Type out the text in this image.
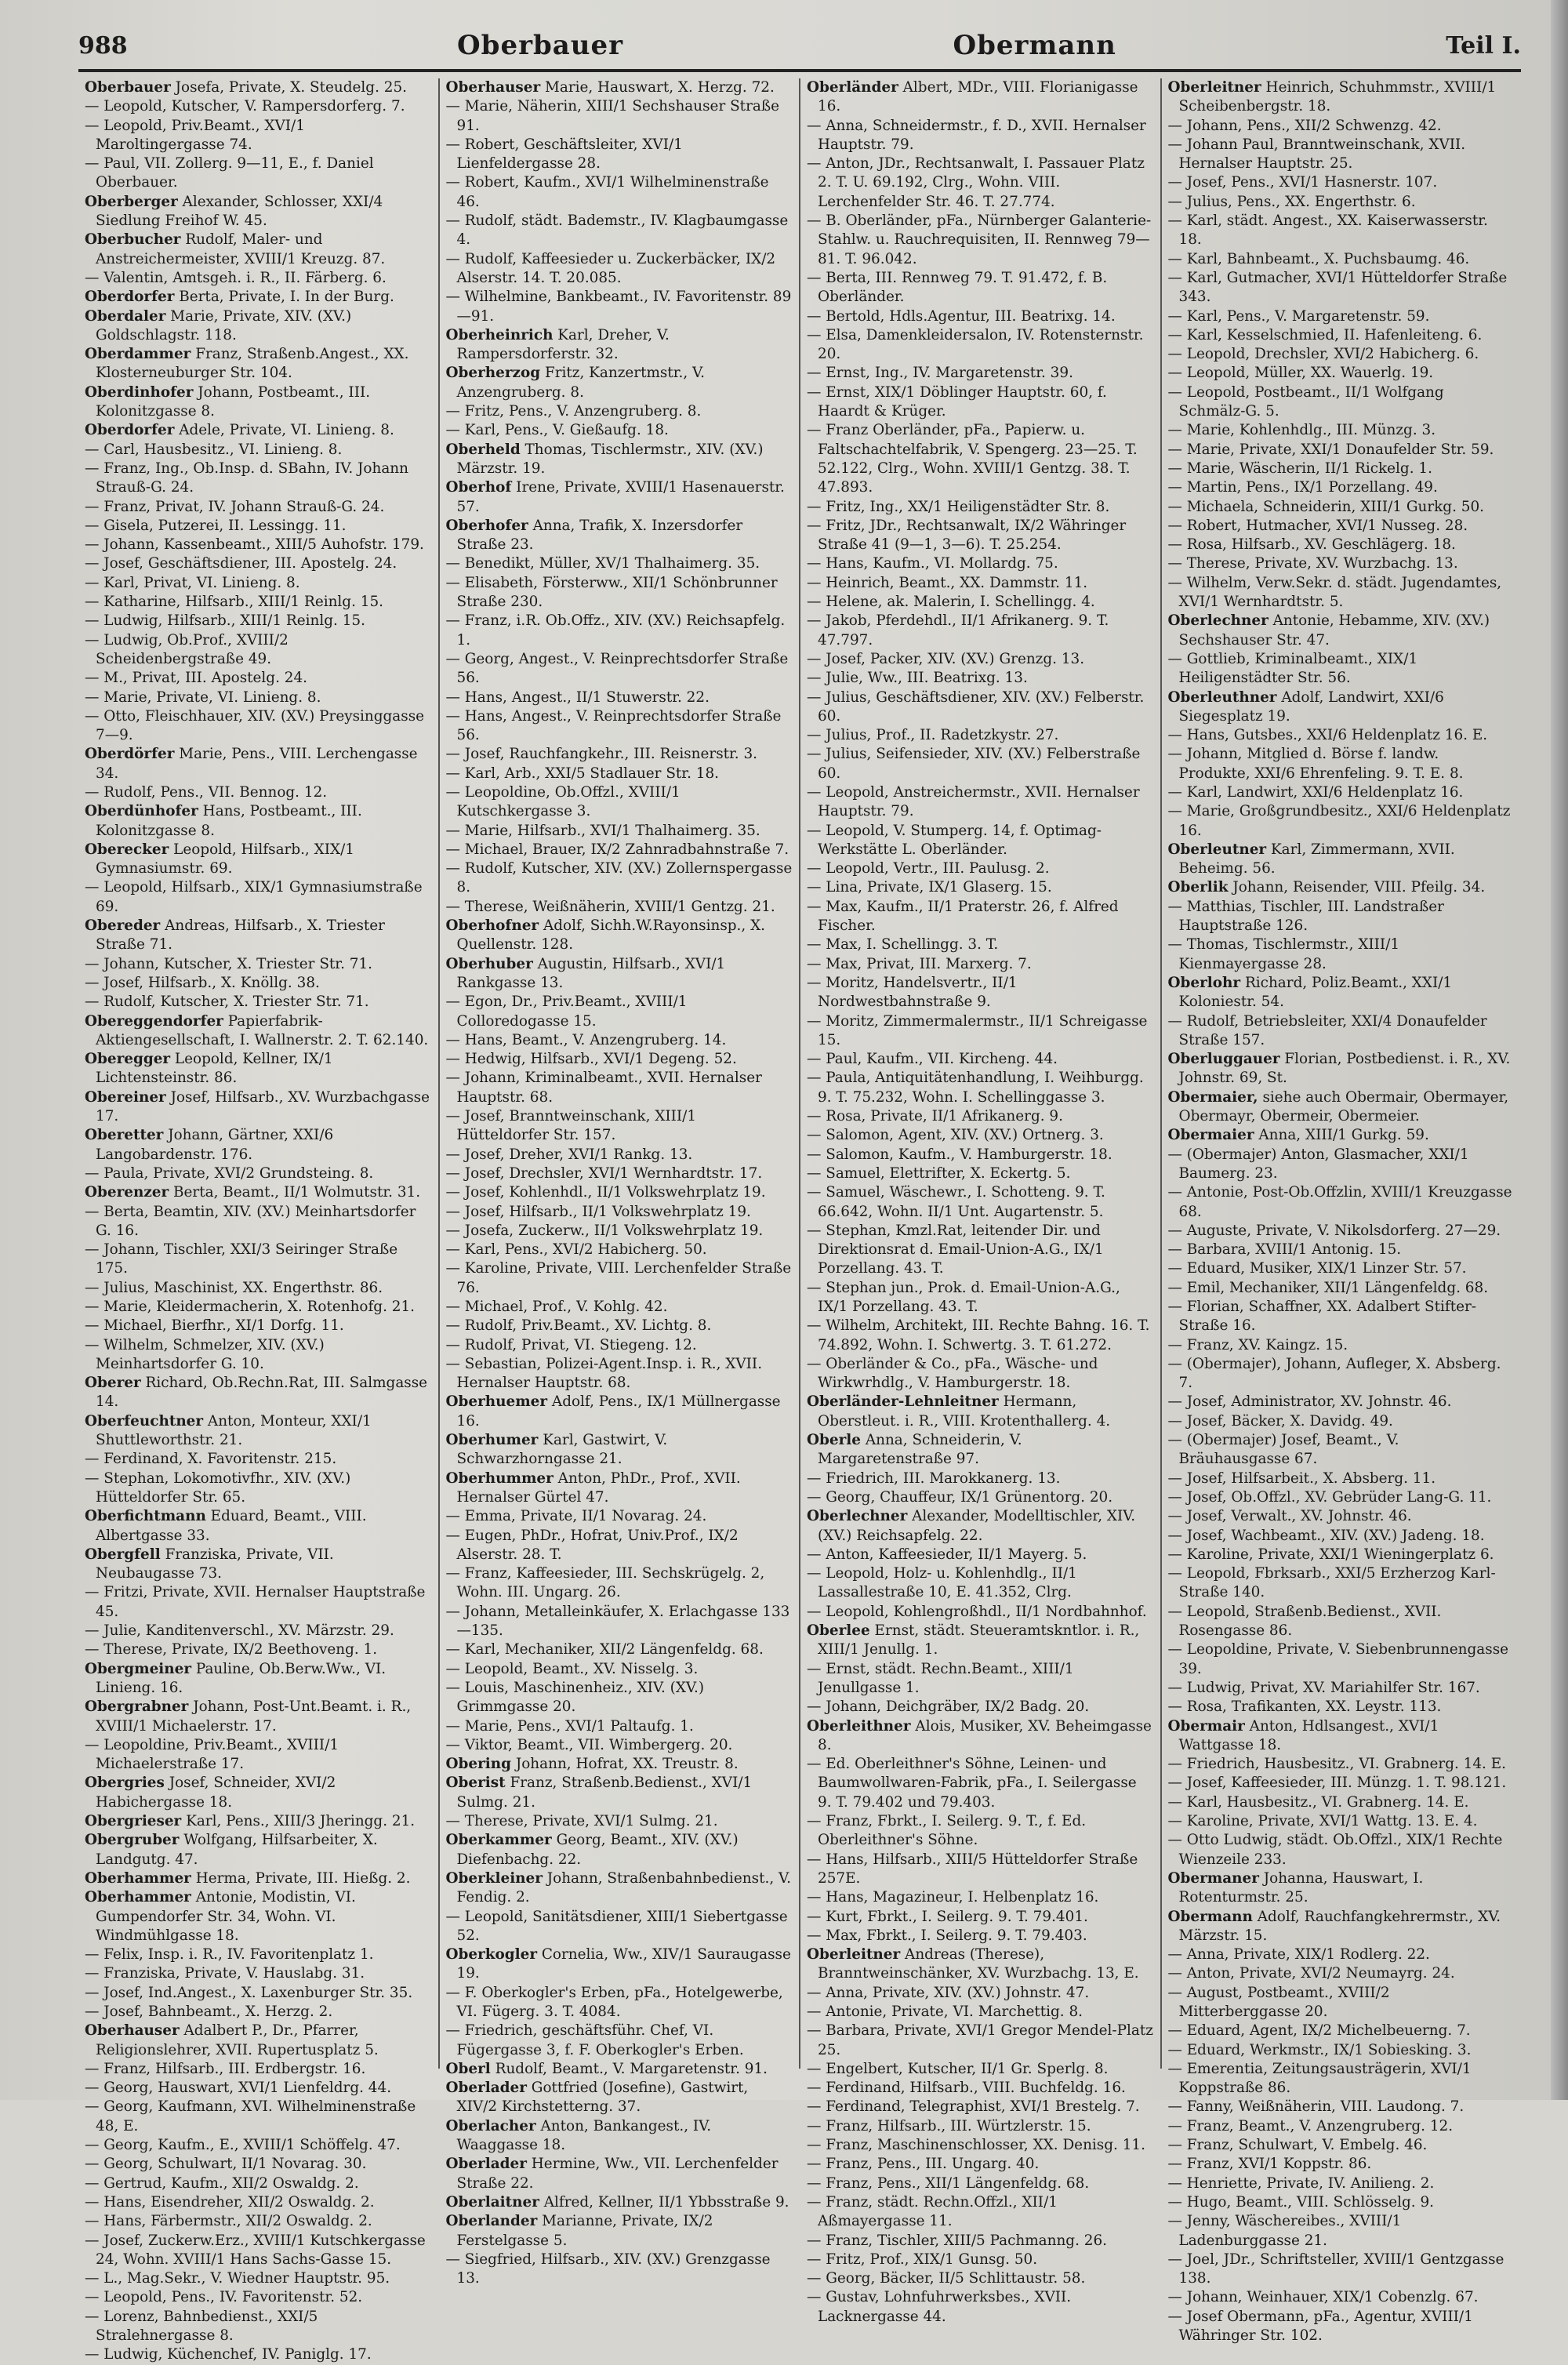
988	Oberbauer	Obermann	Teil I.

Oberbauer Josefa, Private, X. Steudelg. 25.

— Leopold, Kutscher, V. Rampersdorferg. 7.

— Leopold, Priv.Beamt., XVI/1 Maroltingergasse 74.

— Paul, VII. Zollerg. 9—11, E., f. Daniel Oberbauer.

Oberberger Alexander, Schlosser, XXI/4 Siedlung Freihof W. 45.

Oberbucher Rudolf, Maler- und Anstreichermeister, XVIII/1 Kreuzg. 87.

— Valentin, Amtsgeh. i. R., II. Färberg. 6.

Oberdorfer Berta, Private, I. In der Burg.

Oberdaler Marie, Private, XIV. (XV.) Goldschlagstr. 118.

Oberdammer Franz, Straßenb.Angest., XX. Klosterneuburger Str. 104.

Oberdinhofer Johann, Postbeamt., III. Kolonitzgasse 8.

Oberdorfer Adele, Private, VI. Linieng. 8.

— Carl, Hausbesitz., VI. Linieng. 8.

— Franz, Ing., Ob.Insp. d. SBahn, IV. Johann Strauß-G. 24.

— Franz, Privat, IV. Johann Strauß-G. 24.

— Gisela, Putzerei, II. Lessingg. 11.

— Johann, Kassenbeamt., XIII/5 Auhofstr. 179.

— Josef, Geschäftsdiener, III. Apostelg. 24.

— Karl, Privat, VI. Linieng. 8.

— Katharine, Hilfsarb., XIII/1 Reinlg. 15.

— Ludwig, Hilfsarb., XIII/1 Reinlg. 15.

— Ludwig, Ob.Prof., XVIII/2 Scheidenbergstraße 49.

— M., Privat, III. Apostelg. 24.

— Marie, Private, VI. Linieng. 8.

— Otto, Fleischhauer, XIV. (XV.) Preysinggasse 7—9.

Oberdörfer Marie, Pens., VIII. Lerchengasse 34.

— Rudolf, Pens., VII. Bennog. 12.

Oberdünhofer Hans, Postbeamt., III. Kolonitzgasse 8.

Oberecker Leopold, Hilfsarb., XIX/1 Gymnasiumstr. 69.

— Leopold, Hilfsarb., XIX/1 Gymnasiumstraße 69.

Obereder Andreas, Hilfsarb., X. Triester Straße 71.

— Johann, Kutscher, X. Triester Str. 71.

— Josef, Hilfsarb., X. Knöllg. 38.

— Rudolf, Kutscher, X. Triester Str. 71.

Obereggendorfer Papierfabrik-Aktiengesellschaft, I. Wallnerstr. 2. T. 62.140.

Oberegger Leopold, Kellner, IX/1 Lichtensteinstr. 86.

Obereiner Josef, Hilfsarb., XV. Wurzbachgasse 17.

Oberetter Johann, Gärtner, XXI/6 Langobardenstr. 176.

— Paula, Private, XVI/2 Grundsteing. 8.

Oberenzer Berta, Beamt., II/1 Wolmutstr. 31.

— Berta, Beamtin, XIV. (XV.) Meinhartsdorfer G. 16.

— Johann, Tischler, XXI/3 Seiringer Straße 175.

— Julius, Maschinist, XX. Engerthstr. 86.

— Marie, Kleidermacherin, X. Rotenhofg. 21.

— Michael, Bierfhr., XI/1 Dorfg. 11.

— Wilhelm, Schmelzer, XIV. (XV.) Meinhartsdorfer G. 10.

Oberer Richard, Ob.Rechn.Rat, III. Salmgasse 14.

Oberfeuchtner Anton, Monteur, XXI/1 Shuttleworthstr. 21.

— Ferdinand, X. Favoritenstr. 215.

— Stephan, Lokomotivfhr., XIV. (XV.) Hütteldorfer Str. 65.

Oberfichtmann Eduard, Beamt., VIII. Albertgasse 33.

Obergfell Franziska, Private, VII. Neubaugasse 73.

— Fritzi, Private, XVII. Hernalser Hauptstraße 45.

— Julie, Kanditenverschl., XV. Märzstr. 29.

— Therese, Private, IX/2 Beethoveng. 1.

Obergmeiner Pauline, Ob.Berw.Ww., VI. Linieng. 16.

Obergrabner Johann, Post-Unt.Beamt. i. R., XVIII/1 Michaelerstr. 17.

— Leopoldine, Priv.Beamt., XVIII/1 Michaelerstraße 17.

Obergries Josef, Schneider, XVI/2 Habichergasse 18.

Obergrieser Karl, Pens., XIII/3 Jheringg. 21.

Obergruber Wolfgang, Hilfsarbeiter, X. Landgutg. 47.

Oberhammer Herma, Private, III. Hießg. 2.

Oberhammer Antonie, Modistin, VI. Gumpendorfer Str. 34, Wohn. VI. Windmühlgasse 18.

— Felix, Insp. i. R., IV. Favoritenplatz 1.

— Franziska, Private, V. Hauslabg. 31.

— Josef, Ind.Angest., X. Laxenburger Str. 35.

— Josef, Bahnbeamt., X. Herzg. 2.

Oberhauser Adalbert P., Dr., Pfarrer, Religionslehrer, XVII. Rupertusplatz 5.

— Franz, Hilfsarb., III. Erdbergstr. 16.

— Georg, Hauswart, XVI/1 Lienfeldrg. 44.

— Georg, Kaufmann, XVI. Wilhelminenstraße 48, E.

— Georg, Kaufm., E., XVIII/1 Schöffelg. 47.

— Georg, Schulwart, II/1 Novarag. 30.

— Gertrud, Kaufm., XII/2 Oswaldg. 2.

— Hans, Eisendreher, XII/2 Oswaldg. 2.

— Hans, Färbermstr., XII/2 Oswaldg. 2.

— Josef, Zuckerw.Erz., XVIII/1 Kutschkergasse 24, Wohn. XVIII/1 Hans Sachs-Gasse 15.

— L., Mag.Sekr., V. Wiedner Hauptstr. 95.

— Leopold, Pens., IV. Favoritenstr. 52.

— Lorenz, Bahnbedienst., XXI/5 Stralehnergasse 8.

— Ludwig, Küchenchef, IV. Paniglg. 17.

Oberhauser Marie, Hauswart, X. Herzg. 72.

— Marie, Näherin, XIII/1 Sechshauser Straße 91.

— Robert, Geschäftsleiter, XVI/1 Lienfeldergasse 28.

— Robert, Kaufm., XVI/1 Wilhelminenstraße 46.

— Rudolf, städt. Bademstr., IV. Klagbaumgasse 4.

— Rudolf, Kaffeesieder u. Zuckerbäcker, IX/2 Alserstr. 14. T. 20.085.

— Wilhelmine, Bankbeamt., IV. Favoritenstr. 89—91.

Oberheinrich Karl, Dreher, V. Rampersdorferstr. 32.

Oberherzog Fritz, Kanzertmstr., V. Anzengruberg. 8.

— Fritz, Pens., V. Anzengruberg. 8.

— Karl, Pens., V. Gießaufg. 18.

Oberheld Thomas, Tischlermstr., XIV. (XV.) Märzstr. 19.

Oberhof Irene, Private, XVIII/1 Hasenauerstr. 57.

Oberhofer Anna, Trafik, X. Inzersdorfer Straße 23.

— Benedikt, Müller, XV/1 Thalhaimerg. 35.

— Elisabeth, Försterww., XII/1 Schönbrunner Straße 230.

— Franz, i.R. Ob.Offz., XIV. (XV.) Reichsapfelg. 1.

— Georg, Angest., V. Reinprechtsdorfer Straße 56.

— Hans, Angest., II/1 Stuwerstr. 22.

— Hans, Angest., V. Reinprechtsdorfer Straße 56.

— Josef, Rauchfangkehr., III. Reisnerstr. 3.

— Karl, Arb., XXI/5 Stadlauer Str. 18.

— Leopoldine, Ob.Offzl., XVIII/1 Kutschkergasse 3.

— Marie, Hilfsarb., XVI/1 Thalhaimerg. 35.

— Michael, Brauer, IX/2 Zahnradbahnstraße 7.

— Rudolf, Kutscher, XIV. (XV.) Zollernspergasse 8.

— Therese, Weißnäherin, XVIII/1 Gentzg. 21.

Oberhofner Adolf, Sichh.W.Rayonsinsp., X. Quellenstr. 128.

Oberhuber Augustin, Hilfsarb., XVI/1 Rankgasse 13.

— Egon, Dr., Priv.Beamt., XVIII/1 Colloredogasse 15.

— Hans, Beamt., V. Anzengruberg. 14.

— Hedwig, Hilfsarb., XVI/1 Degeng. 52.

— Johann, Kriminalbeamt., XVII. Hernalser Hauptstr. 68.

— Josef, Branntweinschank, XIII/1 Hütteldorfer Str. 157.

— Josef, Dreher, XVI/1 Rankg. 13.

— Josef, Drechsler, XVI/1 Wernhardtstr. 17.

— Josef, Kohlenhdl., II/1 Volkswehrplatz 19.

— Josef, Hilfsarb., II/1 Volkswehrplatz 19.

— Josefa, Zuckerw., II/1 Volkswehrplatz 19.

— Karl, Pens., XVI/2 Habicherg. 50.

— Karoline, Private, VIII. Lerchenfelder Straße 76.

— Michael, Prof., V. Kohlg. 42.

— Rudolf, Priv.Beamt., XV. Lichtg. 8.

— Rudolf, Privat, VI. Stiegeng. 12.

— Sebastian, Polizei-Agent.Insp. i. R., XVII. Hernalser Hauptstr. 68.

Oberhuemer Adolf, Pens., IX/1 Müllnergasse 16.

Oberhumer Karl, Gastwirt, V. Schwarzhorngasse 21.

Oberhummer Anton, PhDr., Prof., XVII. Hernalser Gürtel 47.

— Emma, Private, II/1 Novarag. 24.

— Eugen, PhDr., Hofrat, Univ.Prof., IX/2 Alserstr. 28. T.

— Franz, Kaffeesieder, III. Sechskrügelg. 2, Wohn. III. Ungarg. 26.

— Johann, Metalleinkäufer, X. Erlachgasse 133—135.

— Karl, Mechaniker, XII/2 Längenfeldg. 68.

— Leopold, Beamt., XV. Nisselg. 3.

— Louis, Maschinenheiz., XIV. (XV.) Grimmgasse 20.

— Marie, Pens., XVI/1 Paltaufg. 1.

— Viktor, Beamt., VII. Wimbergerg. 20.

Obering Johann, Hofrat, XX. Treustr. 8.

Oberist Franz, Straßenb.Bedienst., XVI/1 Sulmg. 21.

— Therese, Private, XVI/1 Sulmg. 21.

Oberkammer Georg, Beamt., XIV. (XV.) Diefenbachg. 22.

Oberkleiner Johann, Straßenbahnbedienst., V. Fendig. 2.

— Leopold, Sanitätsdiener, XIII/1 Siebertgasse 52.

Oberkogler Cornelia, Ww., XIV/1 Sauraugasse 19.

— F. Oberkogler's Erben, pFa., Hotelgewerbe, VI. Fügerg. 3. T. 4084.

— Friedrich, geschäftsführ. Chef, VI. Fügergasse 3, f. F. Oberkogler's Erben.

Oberl Rudolf, Beamt., V. Margaretenstr. 91.

Oberlader Gottfried (Josefine), Gastwirt, XIV/2 Kirchstetterng. 37.

Oberlacher Anton, Bankangest., IV. Waaggasse 18.

Oberlader Hermine, Ww., VII. Lerchenfelder Straße 22.

Oberlaitner Alfred, Kellner, II/1 Ybbsstraße 9.

Oberlander Marianne, Private, IX/2 Ferstelgasse 5.

— Siegfried, Hilfsarb., XIV. (XV.) Grenzgasse 13.

Oberländer Albert, MDr., VIII. Florianigasse 16.

— Anna, Schneidermstr., f. D., XVII. Hernalser Hauptstr. 79.

— Anton, JDr., Rechtsanwalt, I. Passauer Platz 2. T. U. 69.192, Clrg., Wohn. VIII. Lerchenfelder Str. 46. T. 27.774.

— B. Oberländer, pFa., Nürnberger Galanterie-Stahlw. u. Rauchrequisiten, II. Rennweg 79—81. T. 96.042.

— Berta, III. Rennweg 79. T. 91.472, f. B. Oberländer.

— Bertold, Hdls.Agentur, III. Beatrixg. 14.

— Elsa, Damenkleidersalon, IV. Rotensternstr. 20.

— Ernst, Ing., IV. Margaretenstr. 39.

— Ernst, XIX/1 Döblinger Hauptstr. 60, f. Haardt & Krüger.

— Franz Oberländer, pFa., Papierw. u. Faltschachtelfabrik, V. Spengerg. 23—25. T. 52.122, Clrg., Wohn. XVIII/1 Gentzg. 38. T. 47.893.

— Fritz, Ing., XX/1 Heiligenstädter Str. 8.

— Fritz, JDr., Rechtsanwalt, IX/2 Währinger Straße 41 (9—1, 3—6). T. 25.254.

— Hans, Kaufm., VI. Mollardg. 75.

— Heinrich, Beamt., XX. Dammstr. 11.

— Helene, ak. Malerin, I. Schellingg. 4.

— Jakob, Pferdehdl., II/1 Afrikanerg. 9. T. 47.797.

— Josef, Packer, XIV. (XV.) Grenzg. 13.

— Julie, Ww., III. Beatrixg. 13.

— Julius, Geschäftsdiener, XIV. (XV.) Felberstr. 60.

— Julius, Prof., II. Radetzkystr. 27.

— Julius, Seifensieder, XIV. (XV.) Felberstraße 60.

— Leopold, Anstreichermstr., XVII. Hernalser Hauptstr. 79.

— Leopold, V. Stumperg. 14, f. Optimag-Werkstätte L. Oberländer.

— Leopold, Vertr., III. Paulusg. 2.

— Lina, Private, IX/1 Glaserg. 15.

— Max, Kaufm., II/1 Praterstr. 26, f. Alfred Fischer.

— Max, I. Schellingg. 3. T.

— Max, Privat, III. Marxerg. 7.

— Moritz, Handelsvertr., II/1 Nordwestbahnstraße 9.

— Moritz, Zimmermalermstr., II/1 Schreigasse 15.

— Paul, Kaufm., VII. Kircheng. 44.

— Paula, Antiquitätenhandlung, I. Weihburgg. 9. T. 75.232, Wohn. I. Schellinggasse 3.

— Rosa, Private, II/1 Afrikanerg. 9.

— Salomon, Agent, XIV. (XV.) Ortnerg. 3.

— Salomon, Kaufm., V. Hamburgerstr. 18.

— Samuel, Elettrifter, X. Eckertg. 5.

— Samuel, Wäschewr., I. Schotteng. 9. T. 66.642, Wohn. II/1 Unt. Augartenstr. 5.

— Stephan, Kmzl.Rat, leitender Dir. und Direktionsrat d. Email-Union-A.G., IX/1 Porzellang. 43. T.

— Stephan jun., Prok. d. Email-Union-A.G., IX/1 Porzellang. 43. T.

— Wilhelm, Architekt, III. Rechte Bahng. 16. T. 74.892, Wohn. I. Schwertg. 3. T. 61.272.

— Oberländer & Co., pFa., Wäsche- und Wirkwrhdlg., V. Hamburgerstr. 18.

Oberländer-Lehnleitner Hermann, Oberstleut. i. R., VIII. Krotenthallerg. 4.

Oberle Anna, Schneiderin, V. Margaretenstraße 97.

— Friedrich, III. Marokkanerg. 13.

— Georg, Chauffeur, IX/1 Grünentorg. 20.

Oberlechner Alexander, Modelltischler, XIV. (XV.) Reichsapfelg. 22.

— Anton, Kaffeesieder, II/1 Mayerg. 5.

— Leopold, Holz- u. Kohlenhdlg., II/1 Lassallestraße 10, E. 41.352, Clrg.

— Leopold, Kohlengroßhdl., II/1 Nordbahnhof.

Oberlee Ernst, städt. Steueramtskntlor. i. R., XIII/1 Jenullg. 1.

— Ernst, städt. Rechn.Beamt., XIII/1 Jenullgasse 1.

— Johann, Deichgräber, IX/2 Badg. 20.

Oberleithner Alois, Musiker, XV. Beheimgasse 8.

— Ed. Oberleithner's Söhne, Leinen- und Baumwollwaren-Fabrik, pFa., I. Seilergasse 9. T. 79.402 und 79.403.

— Franz, Fbrkt., I. Seilerg. 9. T., f. Ed. Oberleithner's Söhne.

— Hans, Hilfsarb., XIII/5 Hütteldorfer Straße 257E.

— Hans, Magazineur, I. Helbenplatz 16.

— Kurt, Fbrkt., I. Seilerg. 9. T. 79.401.

— Max, Fbrkt., I. Seilerg. 9. T. 79.403.

Oberleitner Andreas (Therese), Branntweinschänker, XV. Wurzbachg. 13, E.

— Anna, Private, XIV. (XV.) Johnstr. 47.

— Antonie, Private, VI. Marchettig. 8.

— Barbara, Private, XVI/1 Gregor Mendel-Platz 25.

— Engelbert, Kutscher, II/1 Gr. Sperlg. 8.

— Ferdinand, Hilfsarb., VIII. Buchfeldg. 16.

— Ferdinand, Telegraphist, XVI/1 Brestelg. 7.

— Franz, Hilfsarb., III. Würtzlerstr. 15.

— Franz, Maschinenschlosser, XX. Denisg. 11.

— Franz, Pens., III. Ungarg. 40.

— Franz, Pens., XII/1 Längenfeldg. 68.

— Franz, städt. Rechn.Offzl., XII/1 Aßmayergasse 11.

— Franz, Tischler, XIII/5 Pachmanng. 26.

— Fritz, Prof., XIX/1 Gunsg. 50.

— Georg, Bäcker, II/5 Schlittaustr. 58.

— Gustav, Lohnfuhrwerksbes., XVII. Lacknergasse 44.

Oberleitner Heinrich, Schuhmmstr., XVIII/1 Scheibenbergstr. 18.

— Johann, Pens., XII/2 Schwenzg. 42.

— Johann Paul, Branntweinschank, XVII. Hernalser Hauptstr. 25.

— Josef, Pens., XVI/1 Hasnerstr. 107.

— Julius, Pens., XX. Engerthstr. 6.

— Karl, städt. Angest., XX. Kaiserwasserstr. 18.

— Karl, Bahnbeamt., X. Puchsbaumg. 46.

— Karl, Gutmacher, XVI/1 Hütteldorfer Straße 343.

— Karl, Pens., V. Margaretenstr. 59.

— Karl, Kesselschmied, II. Hafenleiteng. 6.

— Leopold, Drechsler, XVI/2 Habicherg. 6.

— Leopold, Müller, XX. Wauerlg. 19.

— Leopold, Postbeamt., II/1 Wolfgang Schmälz-G. 5.

— Marie, Kohlenhdlg., III. Münzg. 3.

— Marie, Private, XXI/1 Donaufelder Str. 59.

— Marie, Wäscherin, II/1 Rickelg. 1.

— Martin, Pens., IX/1 Porzellang. 49.

— Michaela, Schneiderin, XIII/1 Gurkg. 50.

— Robert, Hutmacher, XVI/1 Nusseg. 28.

— Rosa, Hilfsarb., XV. Geschlägerg. 18.

— Therese, Private, XV. Wurzbachg. 13.

— Wilhelm, Verw.Sekr. d. städt. Jugendamtes, XVI/1 Wernhardtstr. 5.

Oberlechner Antonie, Hebamme, XIV. (XV.) Sechshauser Str. 47.

— Gottlieb, Kriminalbeamt., XIX/1 Heiligenstädter Str. 56.

Oberleuthner Adolf, Landwirt, XXI/6 Siegesplatz 19.

— Hans, Gutsbes., XXI/6 Heldenplatz 16. E.

— Johann, Mitglied d. Börse f. landw. Produkte, XXI/6 Ehrenfeling. 9. T. E. 8.

— Karl, Landwirt, XXI/6 Heldenplatz 16.

— Marie, Großgrundbesitz., XXI/6 Heldenplatz 16.

Oberleutner Karl, Zimmermann, XVII. Beheimg. 56.

Oberlik Johann, Reisender, VIII. Pfeilg. 34.

— Matthias, Tischler, III. Landstraßer Hauptstraße 126.

— Thomas, Tischlermstr., XIII/1 Kienmayergasse 28.

Oberlohr Richard, Poliz.Beamt., XXI/1 Koloniestr. 54.

— Rudolf, Betriebsleiter, XXI/4 Donaufelder Straße 157.

Oberluggauer Florian, Postbedienst. i. R., XV. Johnstr. 69, St.

Obermaier, siehe auch Obermair, Obermayer, Obermayr, Obermeir, Obermeier.

Obermaier Anna, XIII/1 Gurkg. 59.

— (Obermajer) Anton, Glasmacher, XXI/1 Baumerg. 23.

— Antonie, Post-Ob.Offzlin, XVIII/1 Kreuzgasse 68.

— Auguste, Private, V. Nikolsdorferg. 27—29.

— Barbara, XVIII/1 Antonig. 15.

— Eduard, Musiker, XIX/1 Linzer Str. 57.

— Emil, Mechaniker, XII/1 Längenfeldg. 68.

— Florian, Schaffner, XX. Adalbert Stifter-Straße 16.

— Franz, XV. Kaingz. 15.

— (Obermajer), Johann, Aufleger, X. Absberg. 7.

— Josef, Administrator, XV. Johnstr. 46.

— Josef, Bäcker, X. Davidg. 49.

— (Obermajer) Josef, Beamt., V. Bräuhausgasse 67.

— Josef, Hilfsarbeit., X. Absberg. 11.

— Josef, Ob.Offzl., XV. Gebrüder Lang-G. 11.

— Josef, Verwalt., XV. Johnstr. 46.

— Josef, Wachbeamt., XIV. (XV.) Jadeng. 18.

— Karoline, Private, XXI/1 Wieningerplatz 6.

— Leopold, Fbrksarb., XXI/5 Erzherzog Karl-Straße 140.

— Leopold, Straßenb.Bedienst., XVII. Rosengasse 86.

— Leopoldine, Private, V. Siebenbrunnengasse 39.

— Ludwig, Privat, XV. Mariahilfer Str. 167.

— Rosa, Trafikanten, XX. Leystr. 113.

Obermair Anton, Hdlsangest., XVI/1 Wattgasse 18.

— Friedrich, Hausbesitz., VI. Grabnerg. 14. E.

— Josef, Kaffeesieder, III. Münzg. 1. T. 98.121.

— Karl, Hausbesitz., VI. Grabnerg. 14. E.

— Karoline, Private, XVI/1 Wattg. 13. E. 4.

— Otto Ludwig, städt. Ob.Offzl., XIX/1 Rechte Wienzeile 233.

Obermaner Johanna, Hauswart, I. Rotenturmstr. 25.

Obermann Adolf, Rauchfangkehrermstr., XV. Märzstr. 15.

— Anna, Private, XIX/1 Rodlerg. 22.

— Anton, Private, XVI/2 Neumayrg. 24.

— August, Postbeamt., XVIII/2 Mitterberggasse 20.

— Eduard, Agent, IX/2 Michelbeuerng. 7.

— Eduard, Werkmstr., IX/1 Sobiesking. 3.

— Emerentia, Zeitungsausträgerin, XVI/1 Koppstraße 86.

— Fanny, Weißnäherin, VIII. Laudong. 7.

— Franz, Beamt., V. Anzengruberg. 12.

— Franz, Schulwart, V. Embelg. 46.

— Franz, XVI/1 Koppstr. 86.

— Henriette, Private, IV. Anilieng. 2.

— Hugo, Beamt., VIII. Schlösselg. 9.

— Jenny, Wäschereibes., XVIII/1 Ladenburggasse 21.

— Joel, JDr., Schriftsteller, XVIII/1 Gentzgasse 138.

— Johann, Weinhauer, XIX/1 Cobenzlg. 67.

— Josef Obermann, pFa., Agentur, XVIII/1 Währinger Str. 102.
